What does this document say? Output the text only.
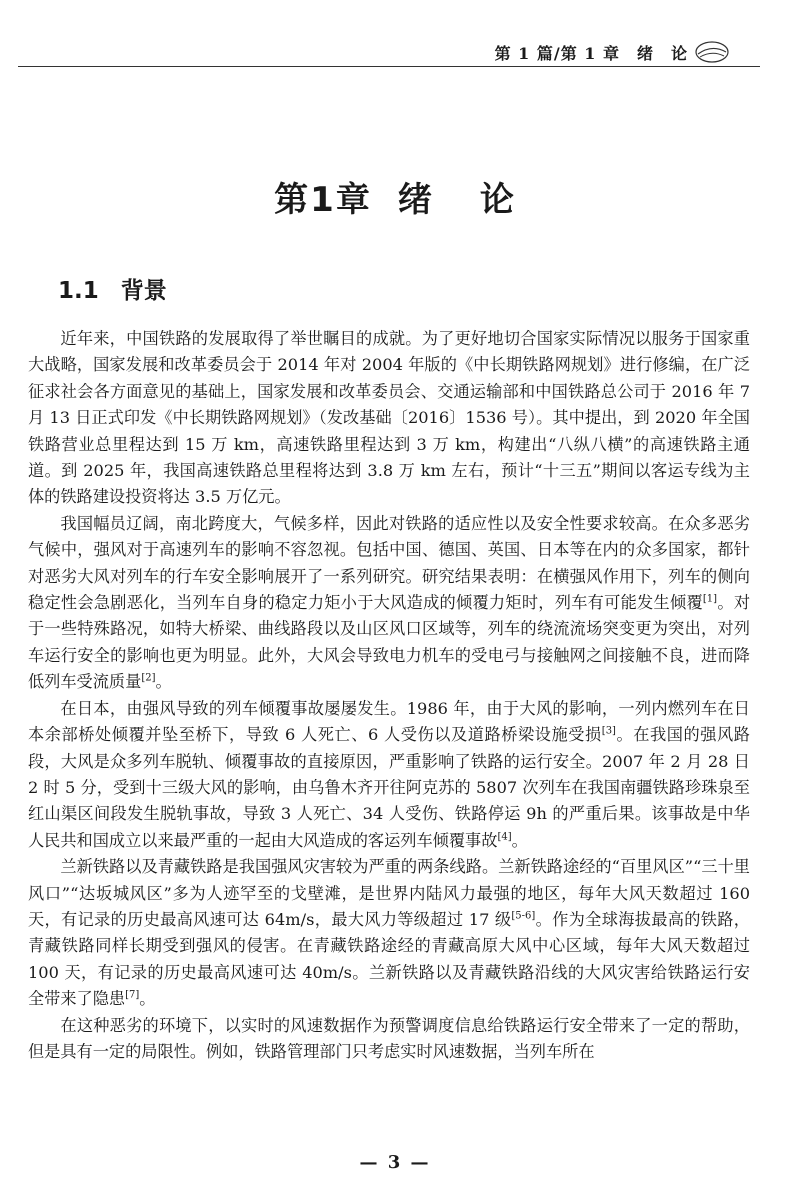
第 1 篇/第 1 章　绪　论
第1章 绪 论
1.1 背景

近年来，中国铁路的发展取得了举世瞩目的成就。为了更好地切合国家实际情况以服务于国家重大战略，国家发展和改革委员会于 2014 年对 2004 年版的《中长期铁路网规划》进行修编，在广泛征求社会各方面意见的基础上，国家发展和改革委员会、交通运输部和中国铁路总公司于 2016 年 7 月 13 日正式印发《中长期铁路网规划》（发改基础〔2016〕1536 号）。其中提出，到 2020 年全国铁路营业总里程达到 15 万 km，高速铁路里程达到 3 万 km，构建出“八纵八横”的高速铁路主通道。到 2025 年，我国高速铁路总里程将达到 3.8 万 km 左右，预计“十三五”期间以客运专线为主体的铁路建设投资将达 3.5 万亿元。

我国幅员辽阔，南北跨度大，气候多样，因此对铁路的适应性以及安全性要求较高。在众多恶劣气候中，强风对于高速列车的影响不容忽视。包括中国、德国、英国、日本等在内的众多国家，都针对恶劣大风对列车的行车安全影响展开了一系列研究。研究结果表明：在横强风作用下，列车的侧向稳定性会急剧恶化，当列车自身的稳定力矩小于大风造成的倾覆力矩时，列车有可能发生倾覆[1]。对于一些特殊路况，如特大桥梁、曲线路段以及山区风口区域等，列车的绕流流场突变更为突出，对列车运行安全的影响也更为明显。此外，大风会导致电力机车的受电弓与接触网之间接触不良，进而降低列车受流质量[2]。

在日本，由强风导致的列车倾覆事故屡屡发生。1986 年，由于大风的影响，一列内燃列车在日本余部桥处倾覆并坠至桥下，导致 6 人死亡、6 人受伤以及道路桥梁设施受损[3]。在我国的强风路段，大风是众多列车脱轨、倾覆事故的直接原因，严重影响了铁路的运行安全。2007 年 2 月 28 日 2 时 5 分，受到十三级大风的影响，由乌鲁木齐开往阿克苏的 5807 次列车在我国南疆铁路珍珠泉至红山渠区间段发生脱轨事故，导致 3 人死亡、34 人受伤、铁路停运 9h 的严重后果。该事故是中华人民共和国成立以来最严重的一起由大风造成的客运列车倾覆事故[4]。

兰新铁路以及青藏铁路是我国强风灾害较为严重的两条线路。兰新铁路途经的“百里风区”“三十里风口”“达坂城风区”多为人迹罕至的戈壁滩，是世界内陆风力最强的地区，每年大风天数超过 160 天，有记录的历史最高风速可达 64m/s，最大风力等级超过 17 级[5-6]。作为全球海拔最高的铁路，青藏铁路同样长期受到强风的侵害。在青藏铁路途经的青藏高原大风中心区域，每年大风天数超过 100 天，有记录的历史最高风速可达 40m/s。兰新铁路以及青藏铁路沿线的大风灾害给铁路运行安全带来了隐患[7]。

在这种恶劣的环境下，以实时的风速数据作为预警调度信息给铁路运行安全带来了一定的帮助，但是具有一定的局限性。例如，铁路管理部门只考虑实时风速数据，当列车所在

— 3 —
